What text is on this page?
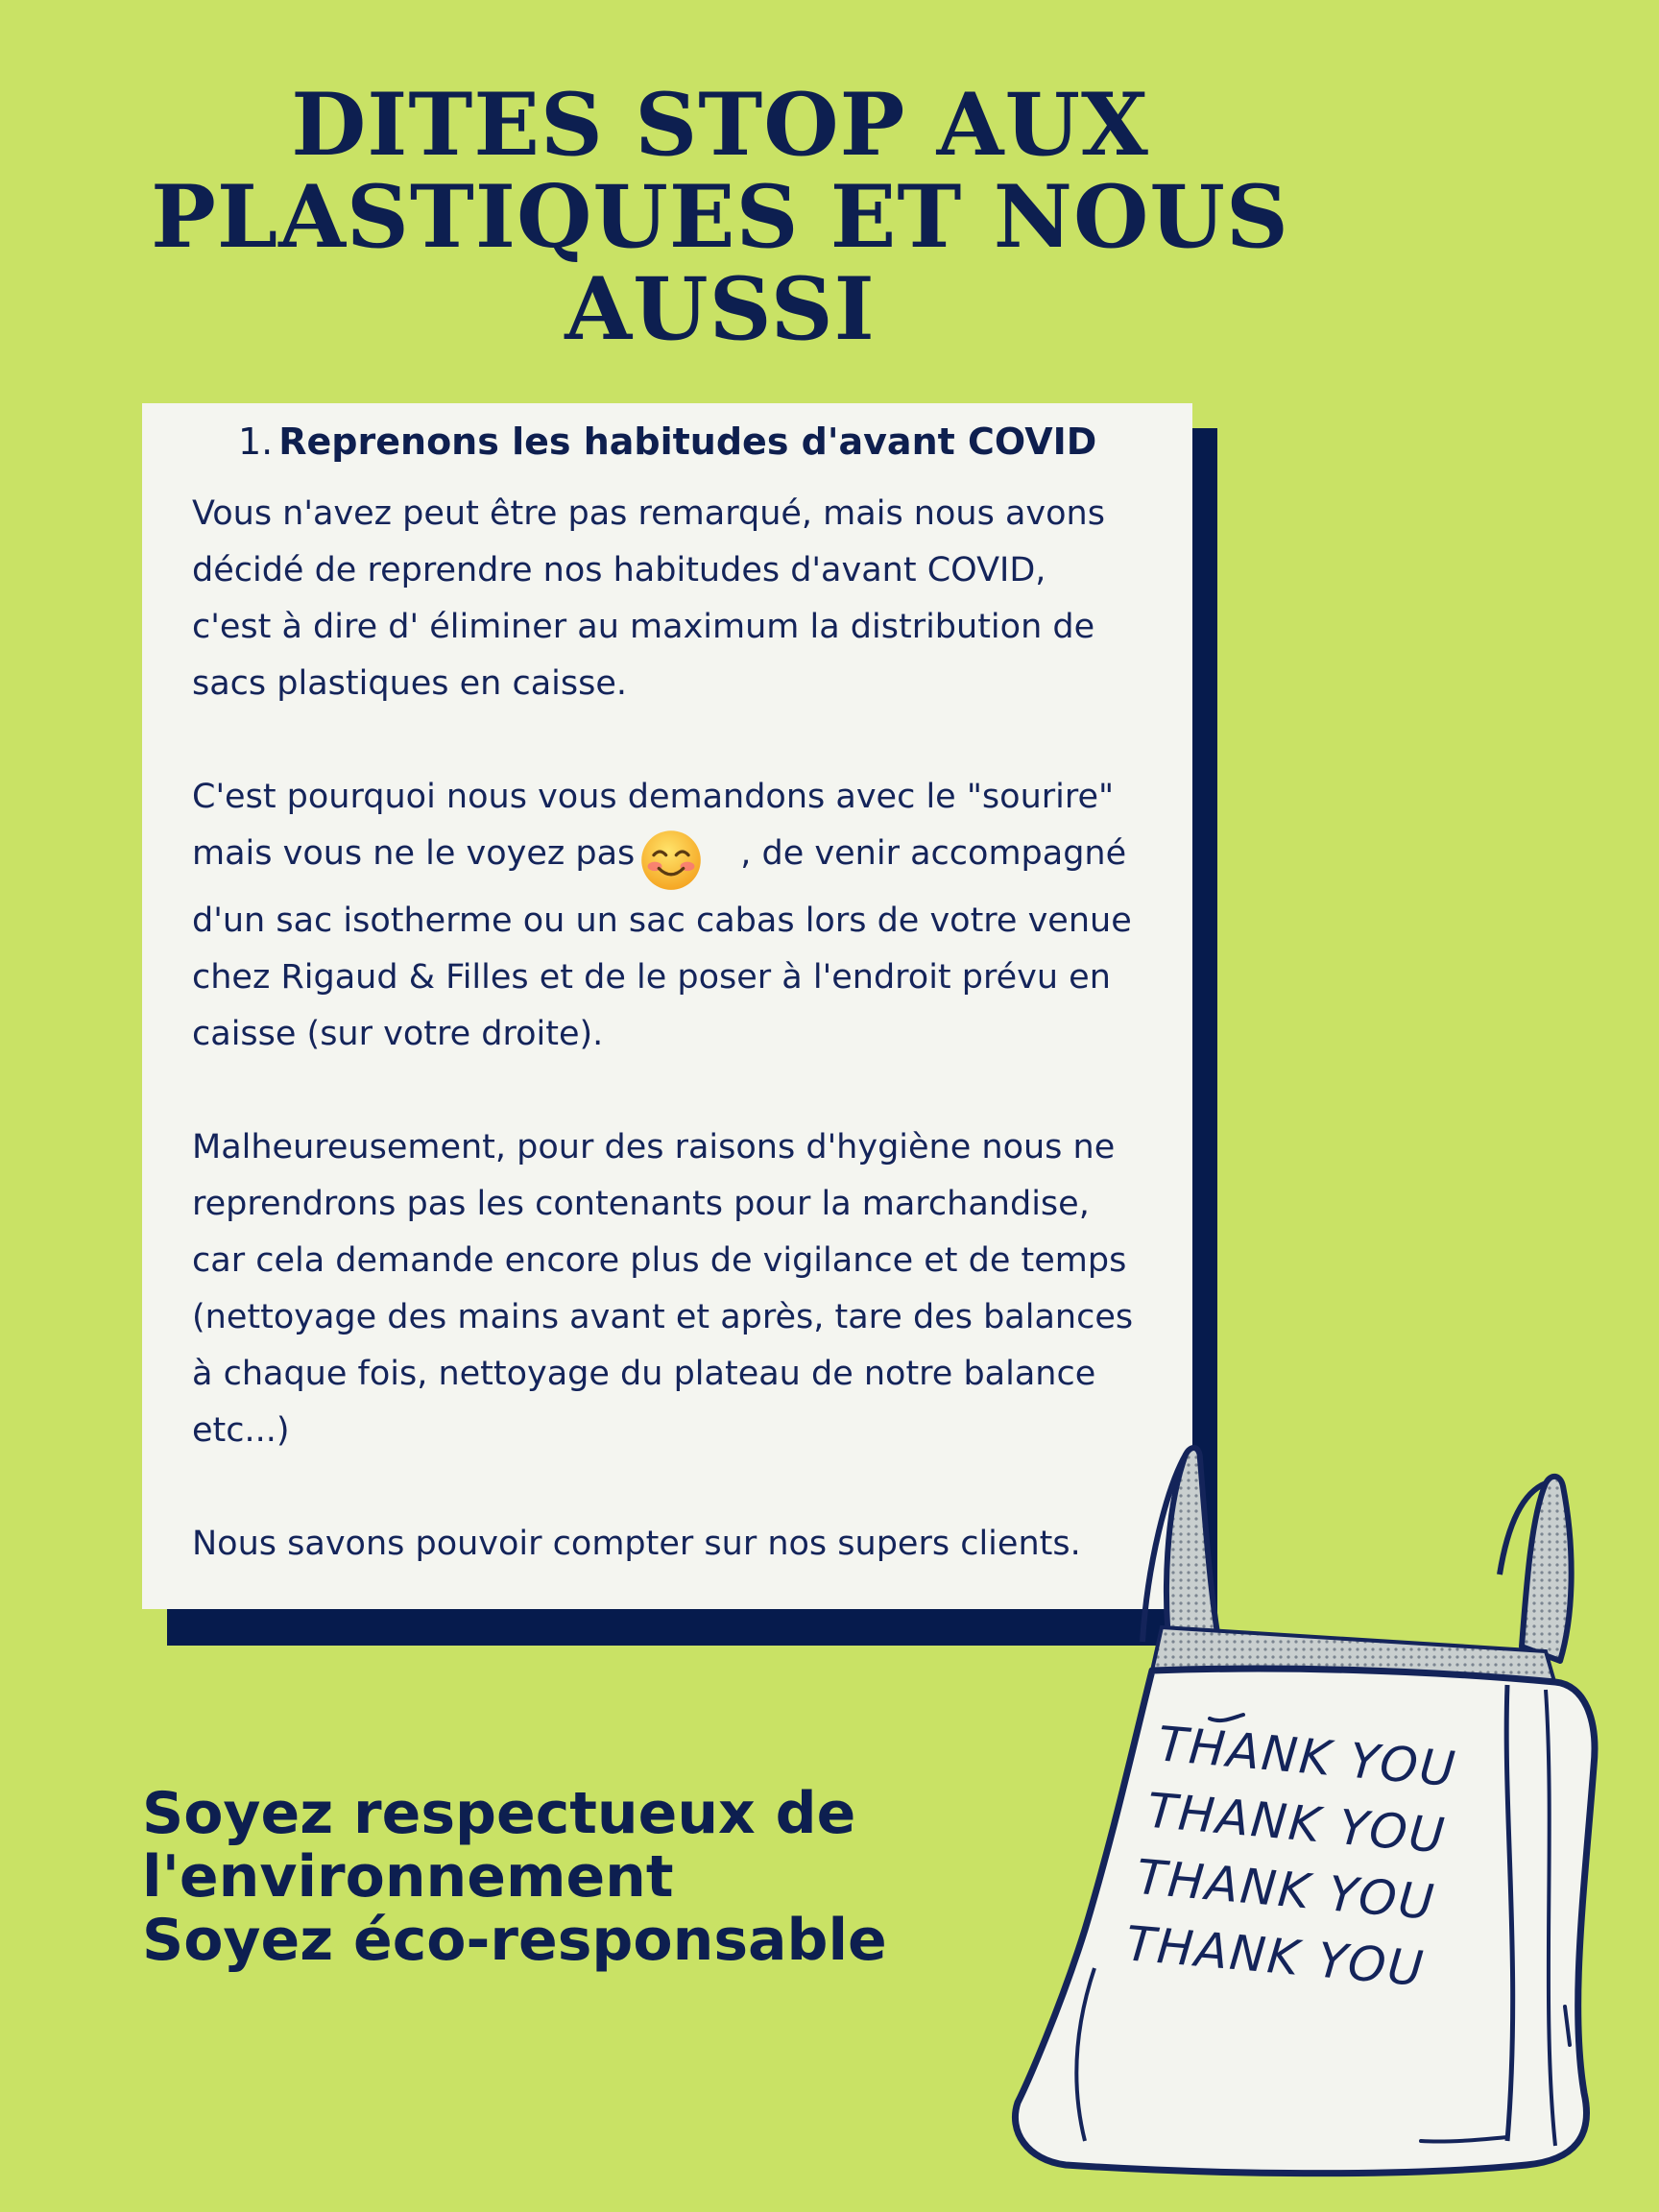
DITES STOP AUX
PLASTIQUES ET NOUS
AUSSI
1. Reprenons les habitudes d'avant COVID

Vous n'avez peut être pas remarqué, mais nous avons

décidé de reprendre nos habitudes d'avant COVID,

c'est à dire d' éliminer au maximum la distribution de

sacs plastiques en caisse.

C'est pourquoi nous vous demandons avec le "sourire"

mais vous ne le voyez pas	, de venir accompagné

d'un sac isotherme ou un sac cabas lors de votre venue

chez Rigaud & Filles et de le poser à l'endroit prévu en

caisse (sur votre droite).

Malheureusement, pour des raisons d'hygiène nous ne

reprendrons pas les contenants pour la marchandise,

car cela demande encore plus de vigilance et de temps

(nettoyage des mains avant et après, tare des balances

à chaque fois, nettoyage du plateau de notre balance

etc...)

Nous savons pouvoir compter sur nos supers clients.

Soyez respectueux de
l'environnement
Soyez éco-responsable
THANK YOU
THANK YOU
THANK YOU
THANK YOU
